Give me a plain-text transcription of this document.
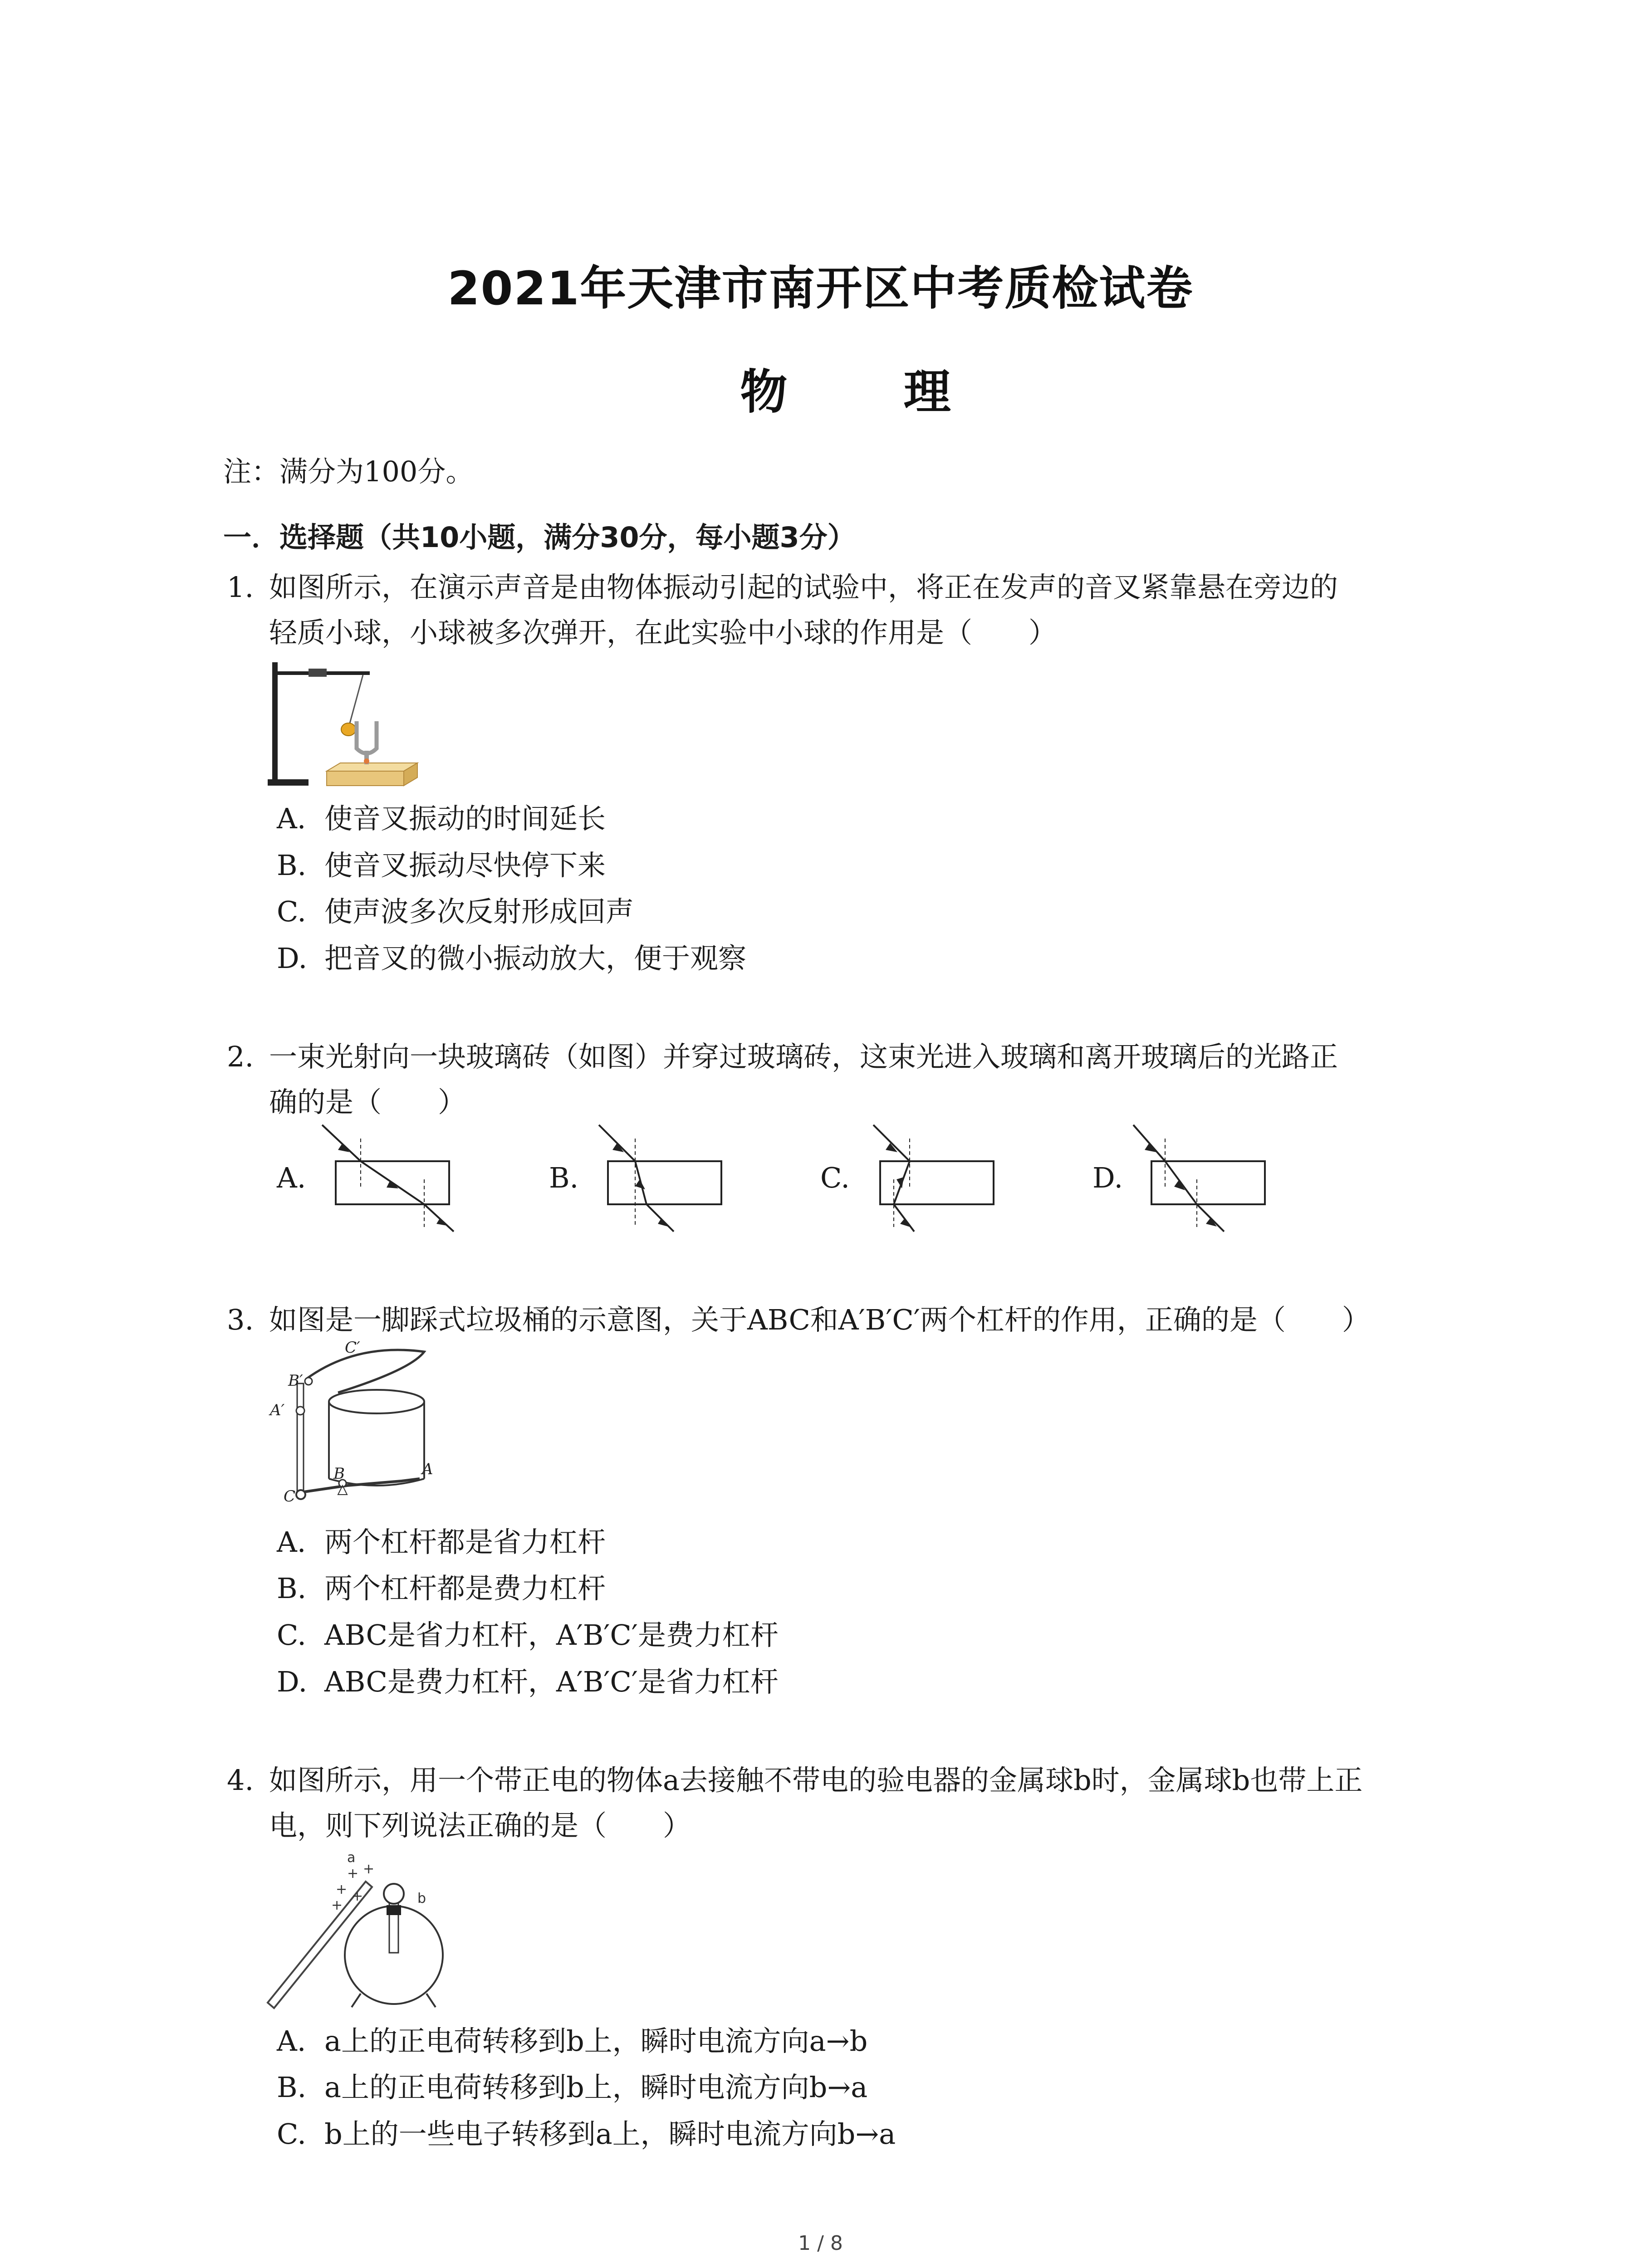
2021年天津市南开区中考质检试卷
物 理
注：满分为100分。
一．选择题（共10小题，满分30分，每小题3分）
1. 如图所示，在演示声音是由物体振动引起的试验中，将正在发声的音叉紧靠悬在旁边的
轻质小球，小球被多次弹开，在此实验中小球的作用是（　　）
A. 使音叉振动的时间延长
B. 使音叉振动尽快停下来
C. 使声波多次反射形成回声
D. 把音叉的微小振动放大，便于观察
2. 一束光射向一块玻璃砖（如图）并穿过玻璃砖，这束光进入玻璃和离开玻璃后的光路正
确的是（　　）
A.	B.	C.	D.
3. 如图是一脚踩式垃圾桶的示意图，关于ABC和A′B′C′两个杠杆的作用，正确的是（　　）
C′
B′
A′
C
B	A
A. 两个杠杆都是省力杠杆
B. 两个杠杆都是费力杠杆
C. ABC是省力杠杆，A′B′C′是费力杠杆
D. ABC是费力杠杆，A′B′C′是省力杠杆
4. 如图所示，用一个带正电的物体a去接触不带电的验电器的金属球b时，金属球b也带上正
电，则下列说法正确的是（　　）
a
b
+ +
+ +
+
A. a上的正电荷转移到b上，瞬时电流方向a→b
B. a上的正电荷转移到b上，瞬时电流方向b→a
C. b上的一些电子转移到a上，瞬时电流方向b→a
1 / 8
